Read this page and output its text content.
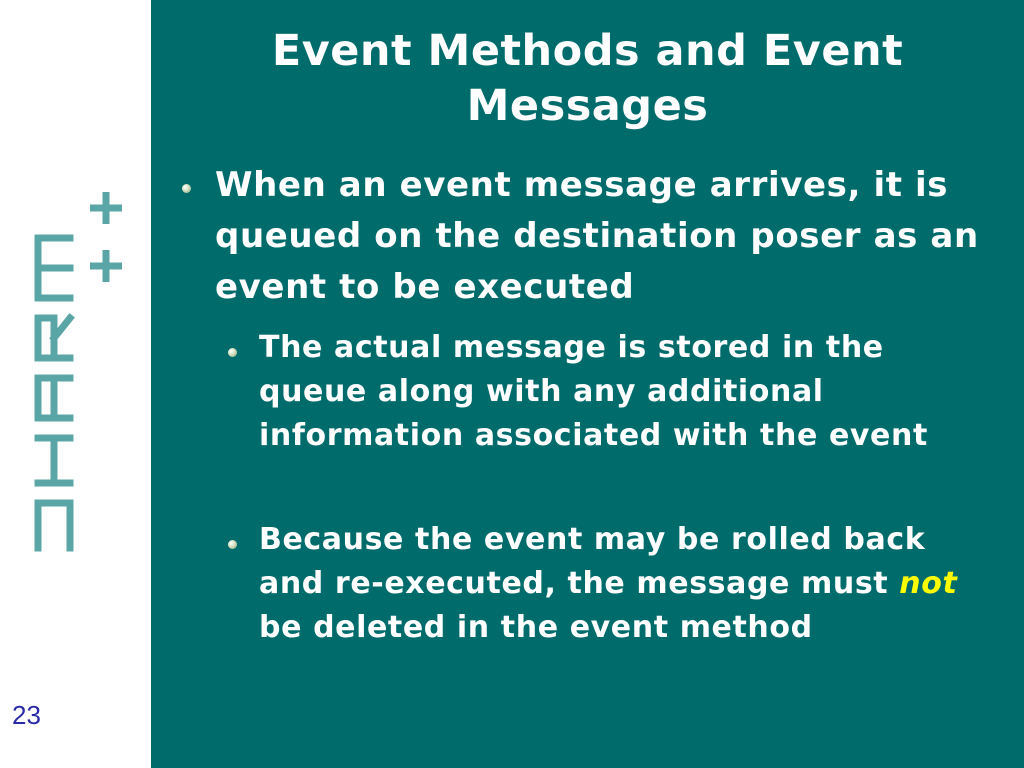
23
Event Methods and Event Messages
When an event message arrives, it is queued on the destination poser as an event to be executed
The actual message is stored in the queue along with any additional information associated with the event
Because the event may be rolled back and re-executed, the message must not be deleted in the event method
